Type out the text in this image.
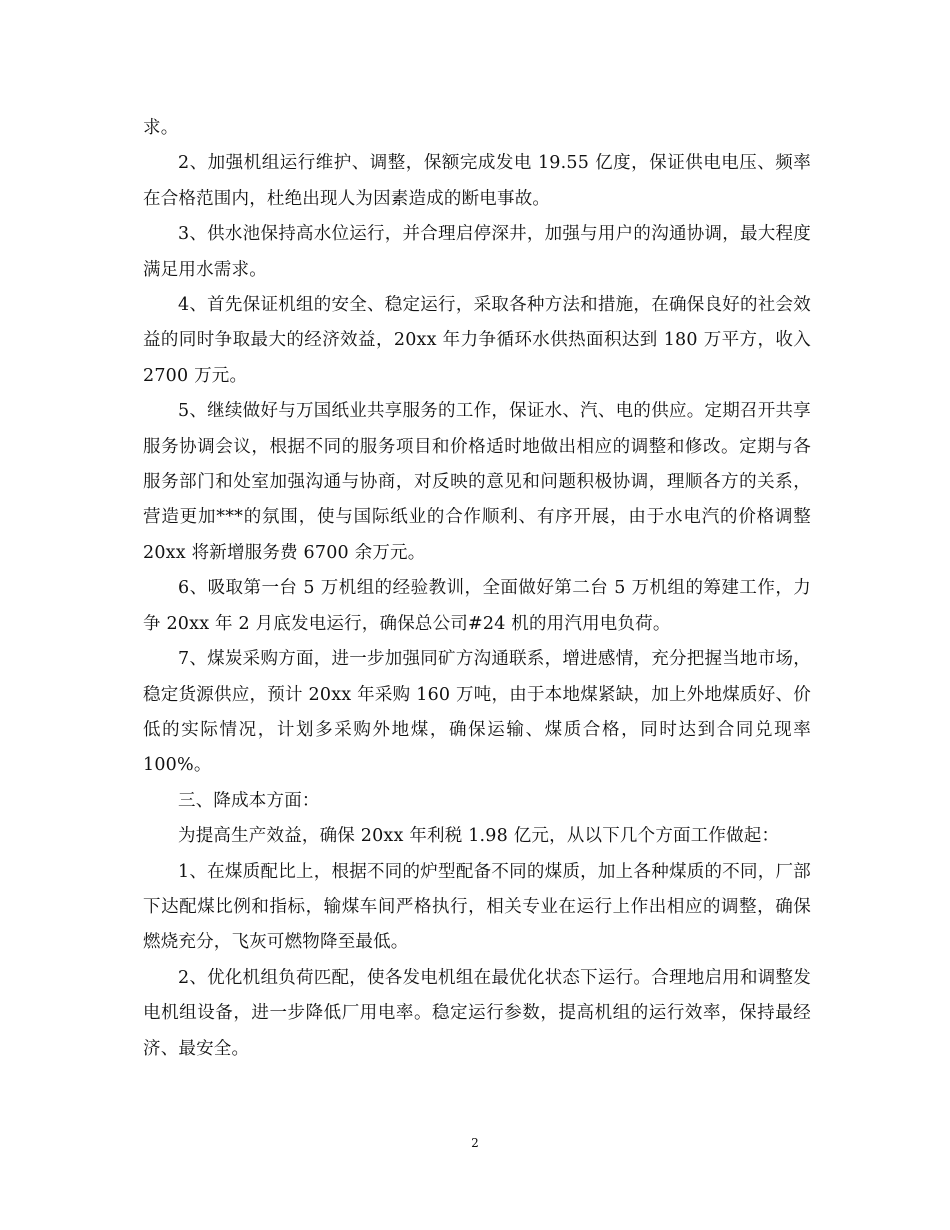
求。

2、加强机组运行维护、调整，保额完成发电 19.55 亿度，保证供电电压、频率在合格范围内，杜绝出现人为因素造成的断电事故。

3、供水池保持高水位运行，并合理启停深井，加强与用户的沟通协调，最大程度满足用水需求。

4、首先保证机组的安全、稳定运行，采取各种方法和措施，在确保良好的社会效益的同时争取最大的经济效益，20xx 年力争循环水供热面积达到 180 万平方，收入 2700 万元。

5、继续做好与万国纸业共享服务的工作，保证水、汽、电的供应。定期召开共享服务协调会议，根据不同的服务项目和价格适时地做出相应的调整和修改。定期与各服务部门和处室加强沟通与协商，对反映的意见和问题积极协调，理顺各方的关系，营造更加***的氛围，使与国际纸业的合作顺利、有序开展，由于水电汽的价格调整 20xx 将新增服务费 6700 余万元。

6、吸取第一台 5 万机组的经验教训，全面做好第二台 5 万机组的筹建工作，力争 20xx 年 2 月底发电运行，确保总公司#24 机的用汽用电负荷。

7、煤炭采购方面，进一步加强同矿方沟通联系，增进感情，充分把握当地市场，稳定货源供应，预计 20xx 年采购 160 万吨，由于本地煤紧缺，加上外地煤质好、价低的实际情况，计划多采购外地煤，确保运输、煤质合格，同时达到合同兑现率 100%。

三、降成本方面：

为提高生产效益，确保 20xx 年利税 1.98 亿元，从以下几个方面工作做起：

1、在煤质配比上，根据不同的炉型配备不同的煤质，加上各种煤质的不同，厂部下达配煤比例和指标，输煤车间严格执行，相关专业在运行上作出相应的调整，确保燃烧充分，飞灰可燃物降至最低。

2、优化机组负荷匹配，使各发电机组在最优化状态下运行。合理地启用和调整发电机组设备，进一步降低厂用电率。稳定运行参数，提高机组的运行效率，保持最经济、最安全。

2
